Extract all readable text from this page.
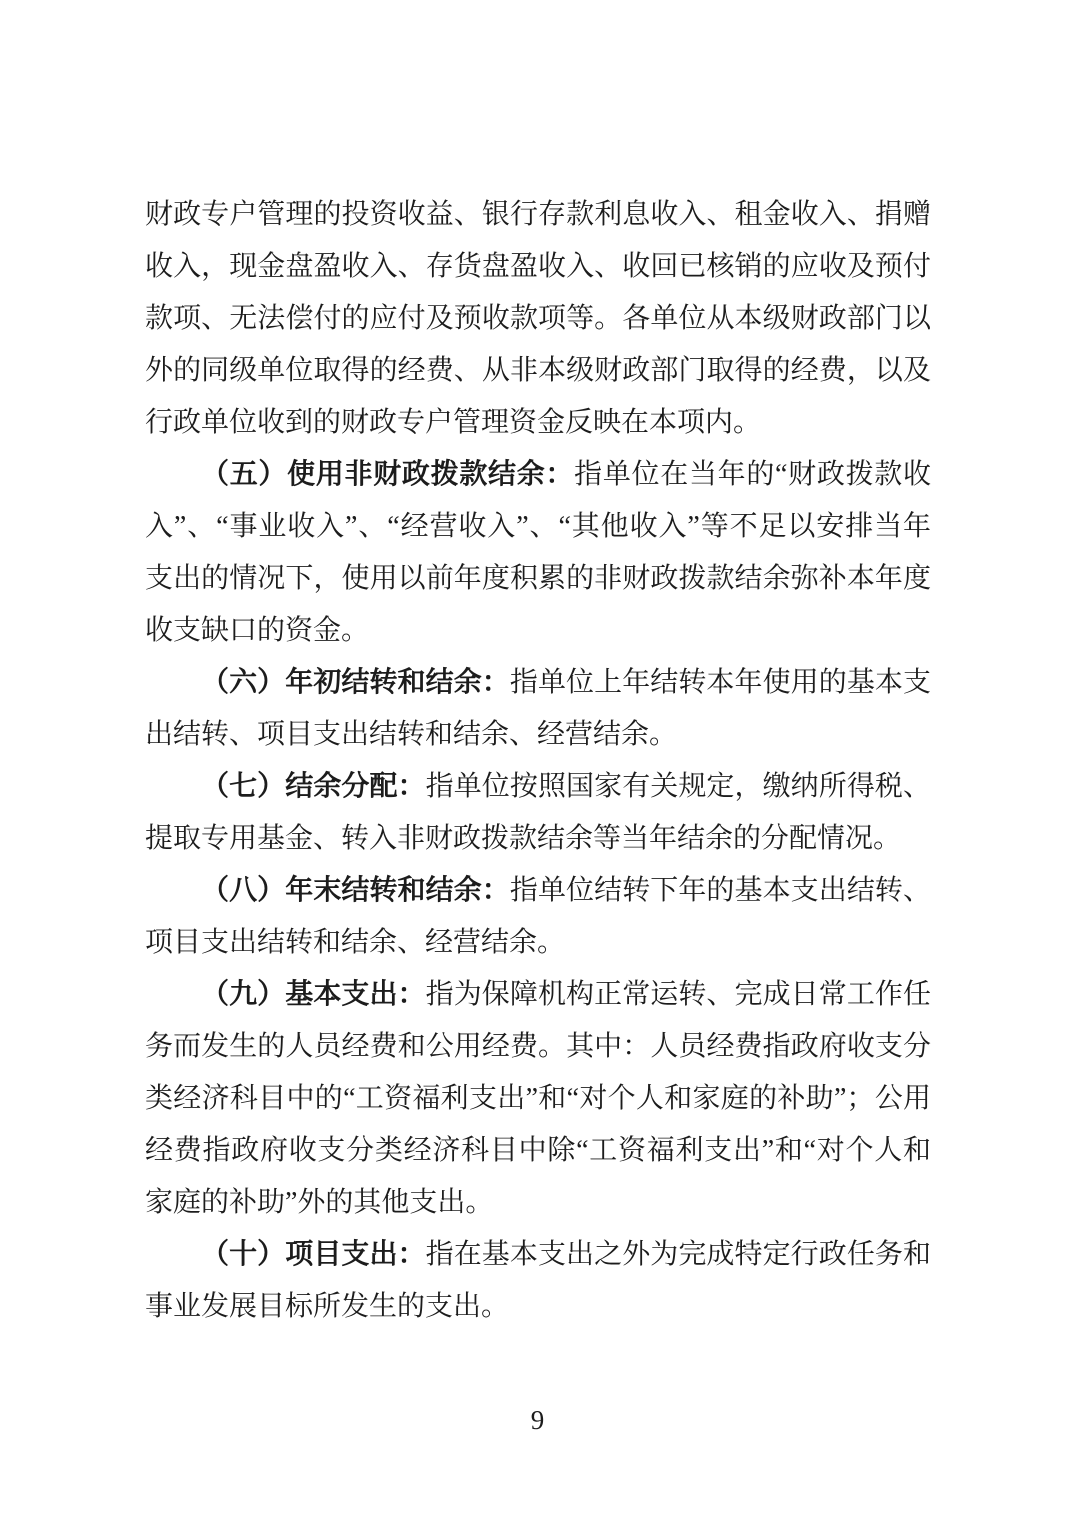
财政专户管理的投资收益、银行存款利息收入、租金收入、捐赠收入，现金盘盈收入、存货盘盈收入、收回已核销的应收及预付款项、无法偿付的应付及预收款项等。各单位从本级财政部门以外的同级单位取得的经费、从非本级财政部门取得的经费，以及行政单位收到的财政专户管理资金反映在本项内。

（五）使用非财政拨款结余：指单位在当年的“财政拨款收入”、“事业收入”、“经营收入”、“其他收入”等不足以安排当年支出的情况下，使用以前年度积累的非财政拨款结余弥补本年度收支缺口的资金。

（六）年初结转和结余：指单位上年结转本年使用的基本支出结转、项目支出结转和结余、经营结余。

（七）结余分配：指单位按照国家有关规定，缴纳所得税、提取专用基金、转入非财政拨款结余等当年结余的分配情况。

（八）年末结转和结余：指单位结转下年的基本支出结转、项目支出结转和结余、经营结余。

（九）基本支出：指为保障机构正常运转、完成日常工作任务而发生的人员经费和公用经费。其中：人员经费指政府收支分类经济科目中的“工资福利支出”和“对个人和家庭的补助”；公用经费指政府收支分类经济科目中除“工资福利支出”和“对个人和家庭的补助”外的其他支出。

（十）项目支出：指在基本支出之外为完成特定行政任务和事业发展目标所发生的支出。

9
